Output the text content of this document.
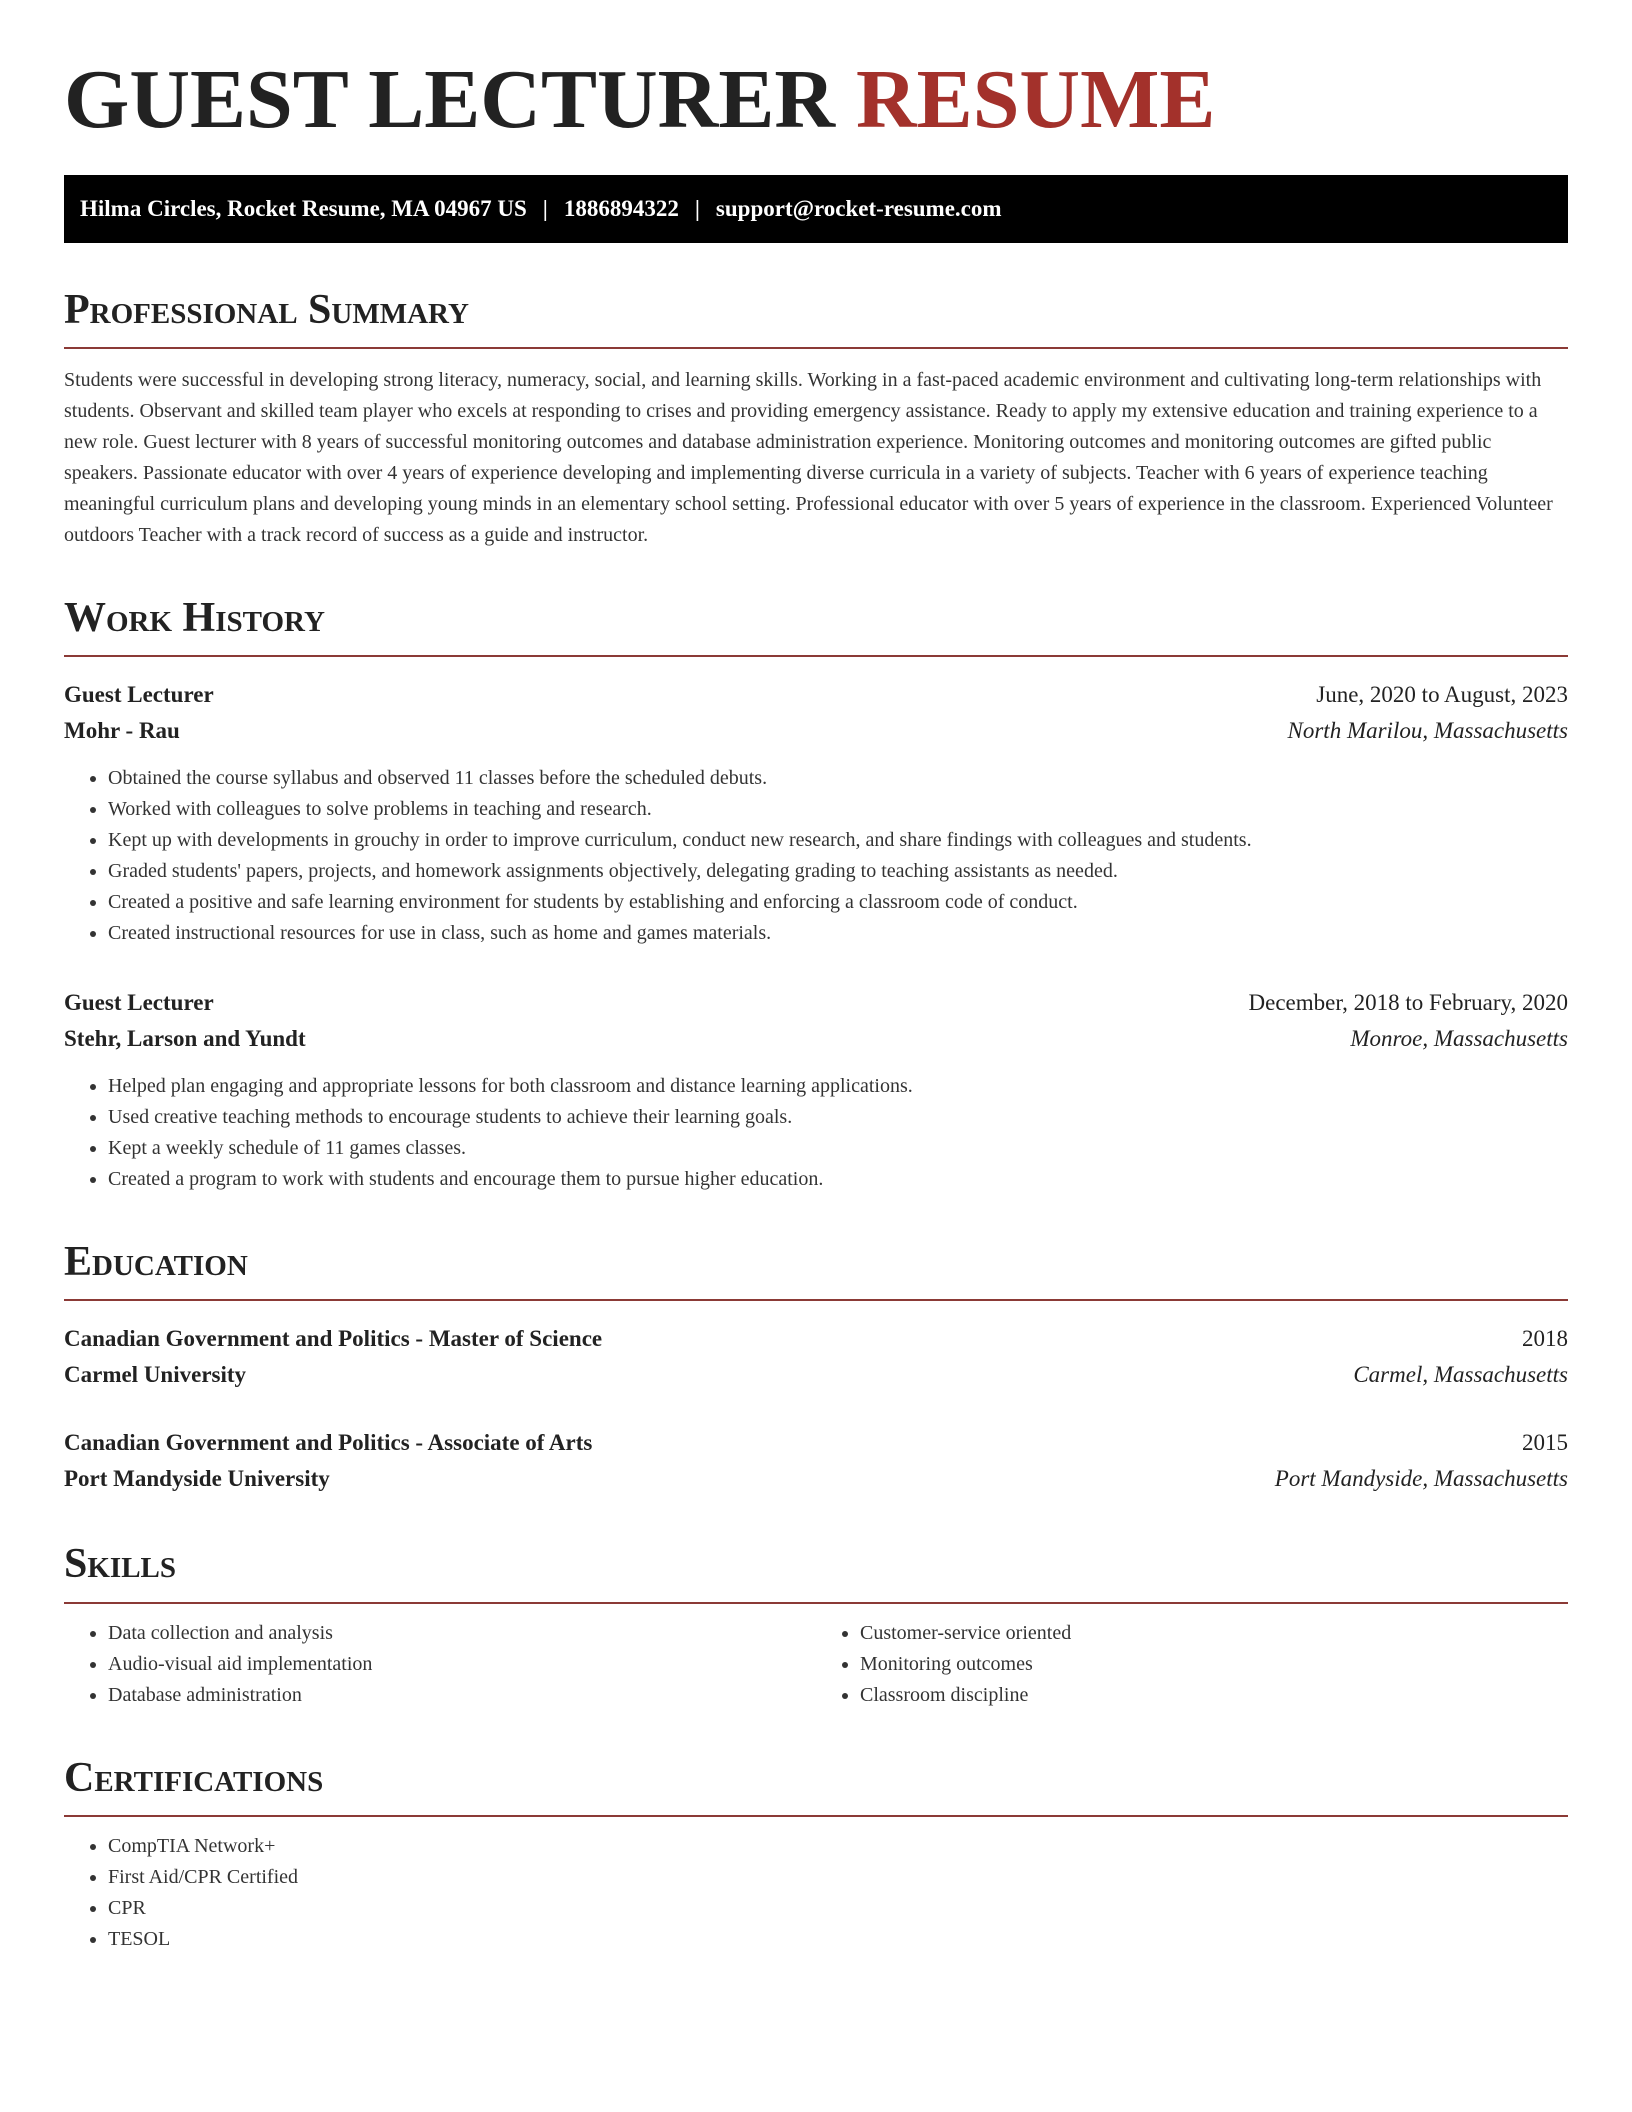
GUEST LECTURER RESUME
Hilma Circles, Rocket Resume, MA 04967 US | 1886894322 | support@rocket-resume.com
Professional Summary

Students were successful in developing strong literacy, numeracy, social, and learning skills. Working in a fast-paced academic environment and cultivating long-term relationships with students. Observant and skilled team player who excels at responding to crises and providing emergency assistance. Ready to apply my extensive education and training experience to a new role. Guest lecturer with 8 years of successful monitoring outcomes and database administration experience. Monitoring outcomes and monitoring outcomes are gifted public speakers. Passionate educator with over 4 years of experience developing and implementing diverse curricula in a variety of subjects. Teacher with 6 years of experience teaching meaningful curriculum plans and developing young minds in an elementary school setting. Professional educator with over 5 years of experience in the classroom. Experienced Volunteer outdoors Teacher with a track record of success as a guide and instructor.

Work History
Guest Lecturer	June, 2020 to August, 2023
Mohr - Rau	North Marilou, Massachusetts
• Obtained the course syllabus and observed 11 classes before the scheduled debuts.
• Worked with colleagues to solve problems in teaching and research.
• Kept up with developments in grouchy in order to improve curriculum, conduct new research, and share findings with colleagues and students.
• Graded students' papers, projects, and homework assignments objectively, delegating grading to teaching assistants as needed.
• Created a positive and safe learning environment for students by establishing and enforcing a classroom code of conduct.
• Created instructional resources for use in class, such as home and games materials.
Guest Lecturer	December, 2018 to February, 2020
Stehr, Larson and Yundt	Monroe, Massachusetts
• Helped plan engaging and appropriate lessons for both classroom and distance learning applications.
• Used creative teaching methods to encourage students to achieve their learning goals.
• Kept a weekly schedule of 11 games classes.
• Created a program to work with students and encourage them to pursue higher education.
Education
Canadian Government and Politics - Master of Science	2018
Carmel University	Carmel, Massachusetts
Canadian Government and Politics - Associate of Arts	2015
Port Mandyside University	Port Mandyside, Massachusetts
Skills
• Data collection and analysis
• Audio-visual aid implementation
• Database administration
• Customer-service oriented
• Monitoring outcomes
• Classroom discipline
Certifications
• CompTIA Network+
• First Aid/CPR Certified
• CPR
• TESOL
